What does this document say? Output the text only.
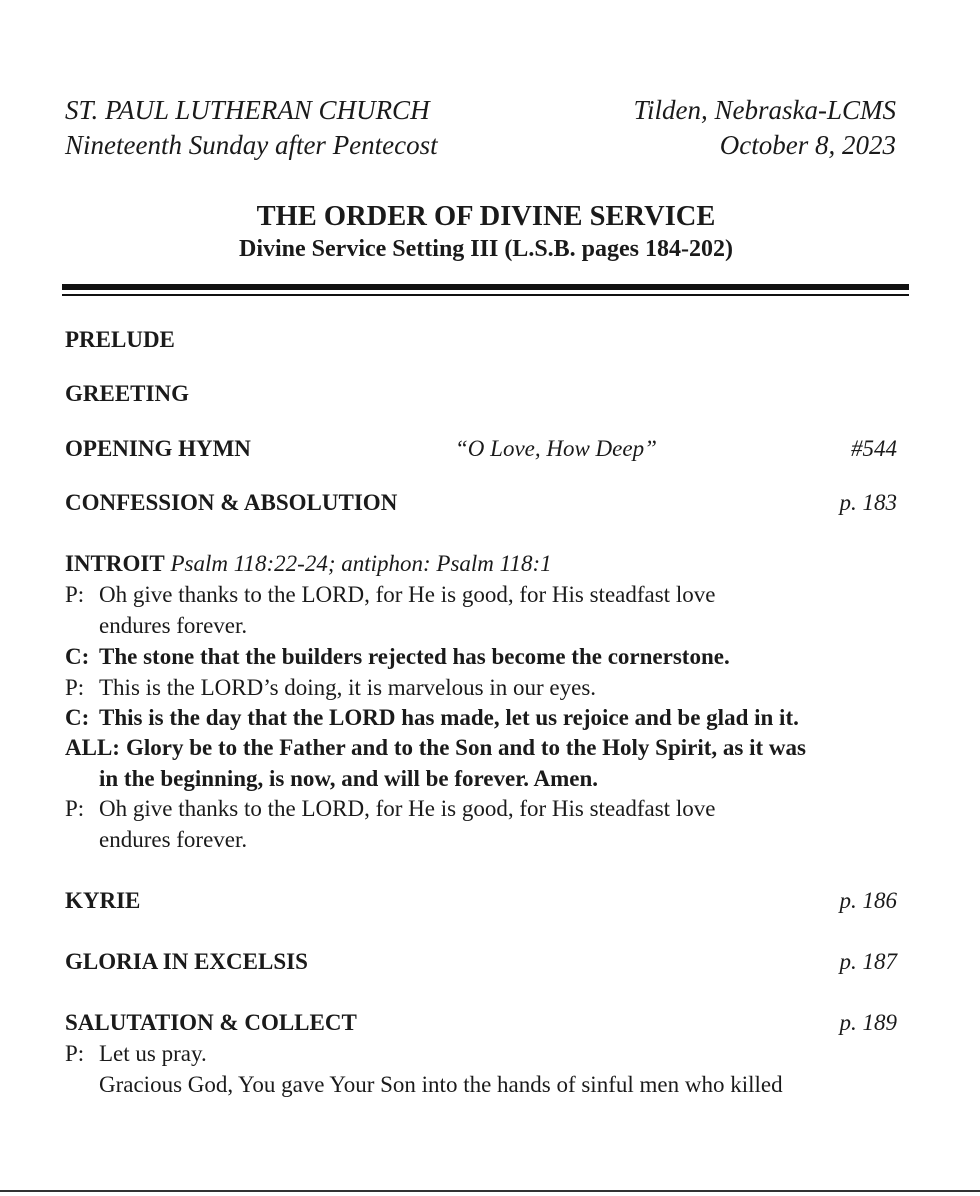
ST. PAUL LUTHERAN CHURCH
Nineteenth Sunday after Pentecost
Tilden, Nebraska-LCMS
October 8, 2023
THE ORDER OF DIVINE SERVICE
Divine Service Setting III (L.S.B. pages 184-202)
PRELUDE
GREETING
OPENING HYMN	“O Love, How Deep”	#544
CONFESSION & ABSOLUTION	p. 183
INTROIT Psalm 118:22-24; antiphon: Psalm 118:1
P: Oh give thanks to the LORD, for He is good, for His steadfast love
endures forever.
C: The stone that the builders rejected has become the cornerstone.
P: This is the LORD’s doing, it is marvelous in our eyes.
C: This is the day that the LORD has made, let us rejoice and be glad in it.
ALL: Glory be to the Father and to the Son and to the Holy Spirit, as it was
in the beginning, is now, and will be forever. Amen.
P: Oh give thanks to the LORD, for He is good, for His steadfast love
endures forever.
KYRIE	p. 186
GLORIA IN EXCELSIS	p. 187
SALUTATION & COLLECT	p. 189
P: Let us pray.
Gracious God, You gave Your Son into the hands of sinful men who killed
